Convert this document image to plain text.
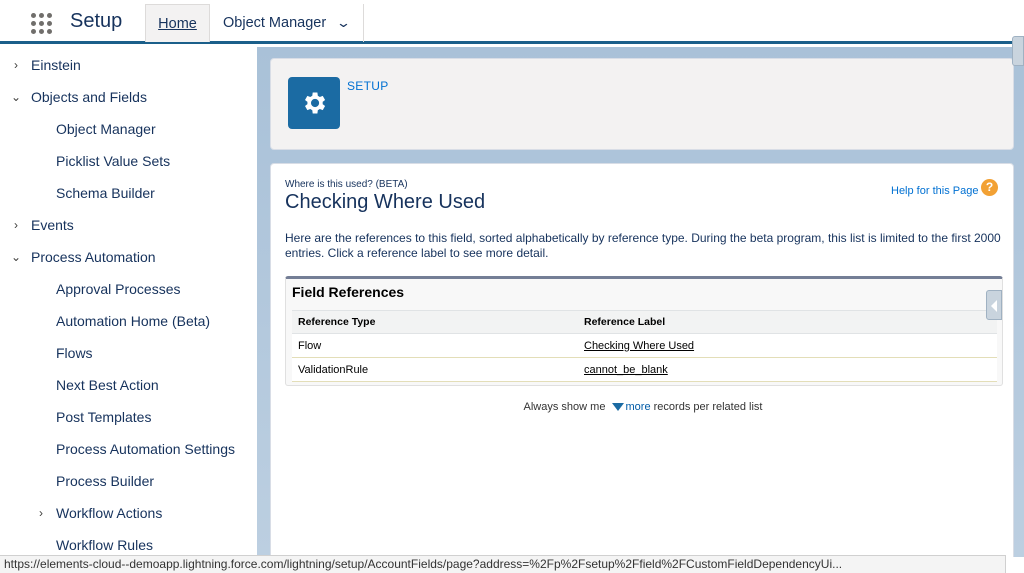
Setup Home Object Manager ⌄
› Einstein
⌄ Objects and Fields
Object Manager
Picklist Value Sets
Schema Builder
› Events
⌄ Process Automation
Approval Processes
Automation Home (Beta)
Flows
Next Best Action
Post Templates
Process Automation Settings
Process Builder
› Workflow Actions
Workflow Rules
SETUP
Where is this used? (BETA)
Checking Where Used	Help for this Page ?
Here are the references to this field, sorted alphabetically by reference type. During the beta program, this list is limited to the first 2000 entries. Click a reference label to see more detail.
Field References
Reference Type	Reference Label
Flow	Checking Where Used
ValidationRule	cannot_be_blank
Always show me more records per related list
https://elements-cloud--demoapp.lightning.force.com/lightning/setup/AccountFields/page?address=%2Fp%2Fsetup%2Ffield%2FCustomFieldDependencyUi...
